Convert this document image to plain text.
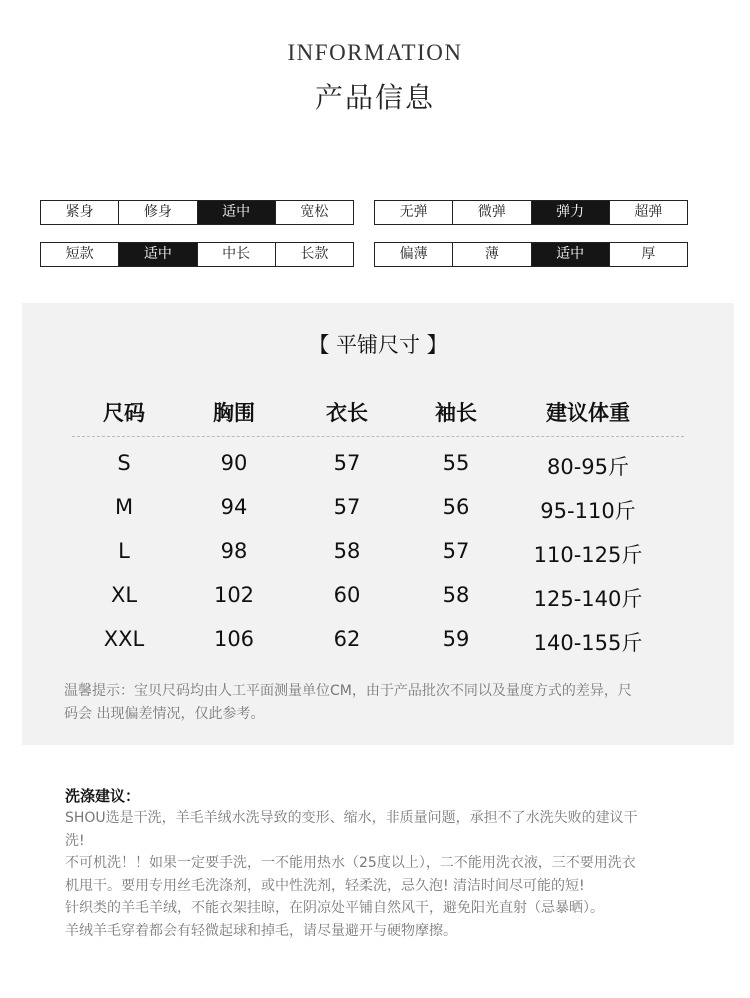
INFORMATION
产品信息
紧身	修身	适中	宽松	无弹	微弹	弹力	超弹
短款	适中	中长	长款	偏薄	薄	适中	厚
【 平铺尺寸 】
尺码	胸围	衣长	袖长	建议体重
S	90	57	55	80-95斤
M	94	57	56	95-110斤
L	98	58	57	110-125斤
XL	102	60	58	125-140斤
XXL	106	62	59	140-155斤
温馨提示：宝贝尺码均由人工平面测量单位CM，由于产品批次不同以及量度方式的差异，尺
码会 出现偏差情况，仅此参考。
洗涤建议：
SHOU选是干洗，羊毛羊绒水洗导致的变形、缩水，非质量问题，承担不了水洗失败的建议干
洗!
不可机洗！！如果一定要手洗，一不能用热水（25度以上），二不能用洗衣液，三不要用洗衣
机甩干。要用专用丝毛洗涤剂，或中性洗剂，轻柔洗，忌久泡! 清洁时间尽可能的短!
针织类的羊毛羊绒，不能衣架挂晾，在阴凉处平铺自然风干，避免阳光直射（忌暴晒）。
羊绒羊毛穿着都会有轻微起球和掉毛，请尽量避开与硬物摩擦。
